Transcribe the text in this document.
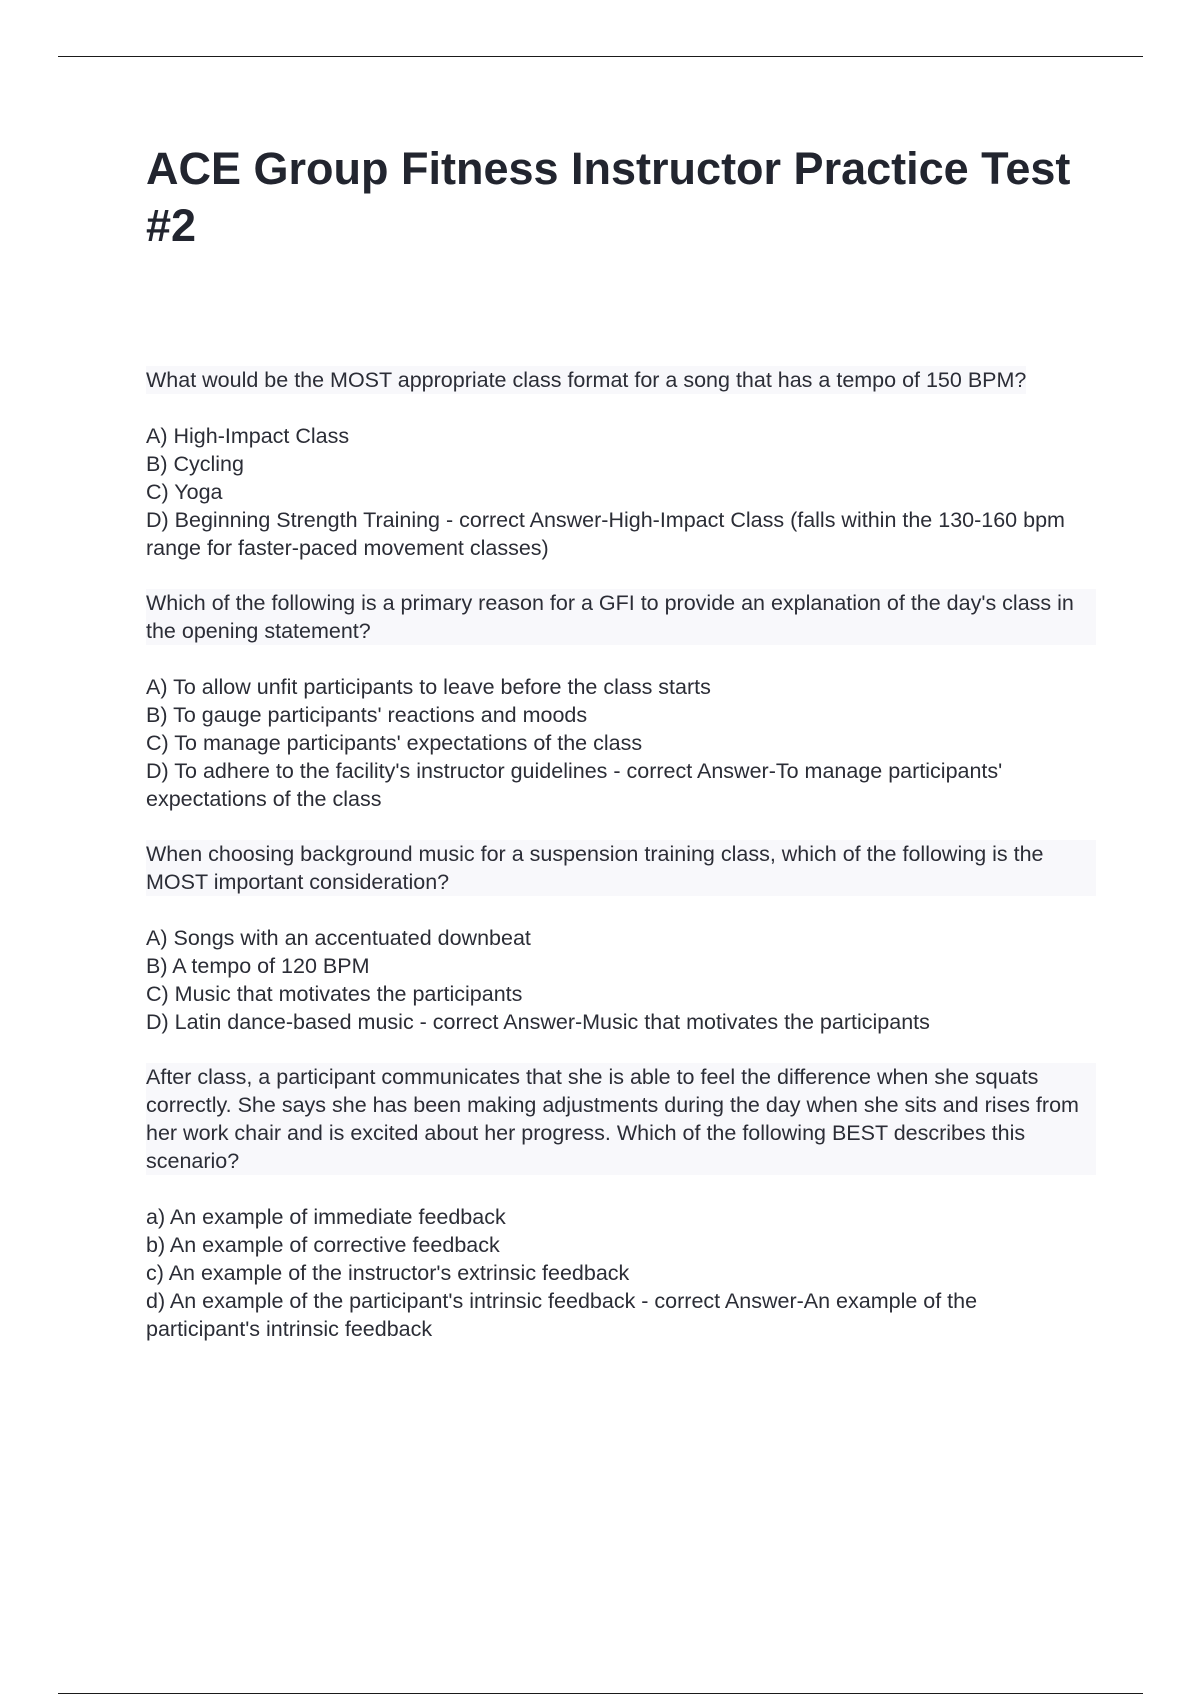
ACE Group Fitness Instructor Practice Test #2

What would be the MOST appropriate class format for a song that has a tempo of 150 BPM?

A) High-Impact Class

B) Cycling

C) Yoga

D) Beginning Strength Training - correct Answer-High-Impact Class (falls within the 130-160 bpm range for faster-paced movement classes)

Which of the following is a primary reason for a GFI to provide an explanation of the day's class in the opening statement?

A) To allow unfit participants to leave before the class starts

B) To gauge participants' reactions and moods

C) To manage participants' expectations of the class

D) To adhere to the facility's instructor guidelines - correct Answer-To manage participants' expectations of the class

When choosing background music for a suspension training class, which of the following is the MOST important consideration?

A) Songs with an accentuated downbeat

B) A tempo of 120 BPM

C) Music that motivates the participants

D) Latin dance-based music - correct Answer-Music that motivates the participants

After class, a participant communicates that she is able to feel the difference when she squats correctly. She says she has been making adjustments during the day when she sits and rises from her work chair and is excited about her progress. Which of the following BEST describes this scenario?

a) An example of immediate feedback

b) An example of corrective feedback

c) An example of the instructor's extrinsic feedback

d) An example of the participant's intrinsic feedback - correct Answer-An example of the participant's intrinsic feedback
